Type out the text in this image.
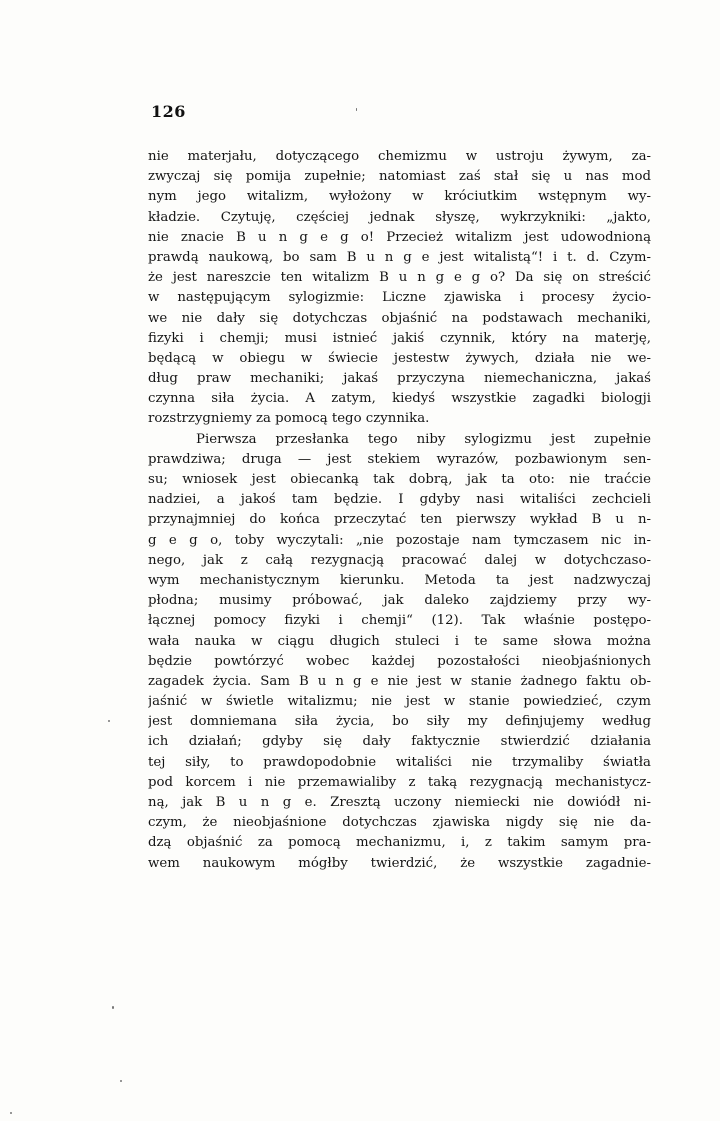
126
nie materjału, dotyczącego chemizmu w ustroju żywym, za-
zwyczaj się pomija zupełnie; natomiast zaś stał się u nas mod
nym jego witalizm, wyłożony w króciutkim wstępnym wy-
kładzie. Czytuję, częściej jednak słyszę, wykrzykniki: „jakto,
nie znacie B u n g e g o! Przecież witalizm jest udowodnioną
prawdą naukową, bo sam B u n g e jest witalistą“! i t. d. Czym-
że jest nareszcie ten witalizm B u n g e g o? Da się on streścić
w następującym sylogizmie: Liczne zjawiska i procesy życio-
we nie dały się dotychczas objaśnić na podstawach mechaniki,
fizyki i chemji; musi istnieć jakiś czynnik, który na materję,
będącą w obiegu w świecie jestestw żywych, działa nie we-
dług praw mechaniki; jakaś przyczyna niemechaniczna, jakaś
czynna siła życia. A zatym, kiedyś wszystkie zagadki biologji
rozstrzygniemy za pomocą tego czynnika.
Pierwsza przesłanka tego niby sylogizmu jest zupełnie
prawdziwa; druga — jest stekiem wyrazów, pozbawionym sen-
su; wniosek jest obiecanką tak dobrą, jak ta oto: nie traćcie
nadziei, a jakoś tam będzie. I gdyby nasi witaliści zechcieli
przynajmniej do końca przeczytać ten pierwszy wykład B u n-
g e g o, toby wyczytali: „nie pozostaje nam tymczasem nic in-
nego, jak z całą rezygnacją pracować dalej w dotychczaso-
wym mechanistycznym kierunku. Metoda ta jest nadzwyczaj
płodna; musimy próbować, jak daleko zajdziemy przy wy-
łącznej pomocy fizyki i chemji“ (12). Tak właśnie postępo-
wała nauka w ciągu długich stuleci i te same słowa można
będzie powtórzyć wobec każdej pozostałości nieobjaśnionych
zagadek życia. Sam B u n g e nie jest w stanie żadnego faktu ob-
jaśnić w świetle witalizmu; nie jest w stanie powiedzieć, czym
jest domniemana siła życia, bo siły my definjujemy według
ich działań; gdyby się dały faktycznie stwierdzić działania
tej siły, to prawdopodobnie witaliści nie trzymaliby światła
pod korcem i nie przemawialiby z taką rezygnacją mechanistycz-
ną, jak B u n g e. Zresztą uczony niemiecki nie dowiódł ni-
czym, że nieobjaśnione dotychczas zjawiska nigdy się nie da-
dzą objaśnić za pomocą mechanizmu, i, z takim samym pra-
wem naukowym mógłby twierdzić, że wszystkie zagadnie-
